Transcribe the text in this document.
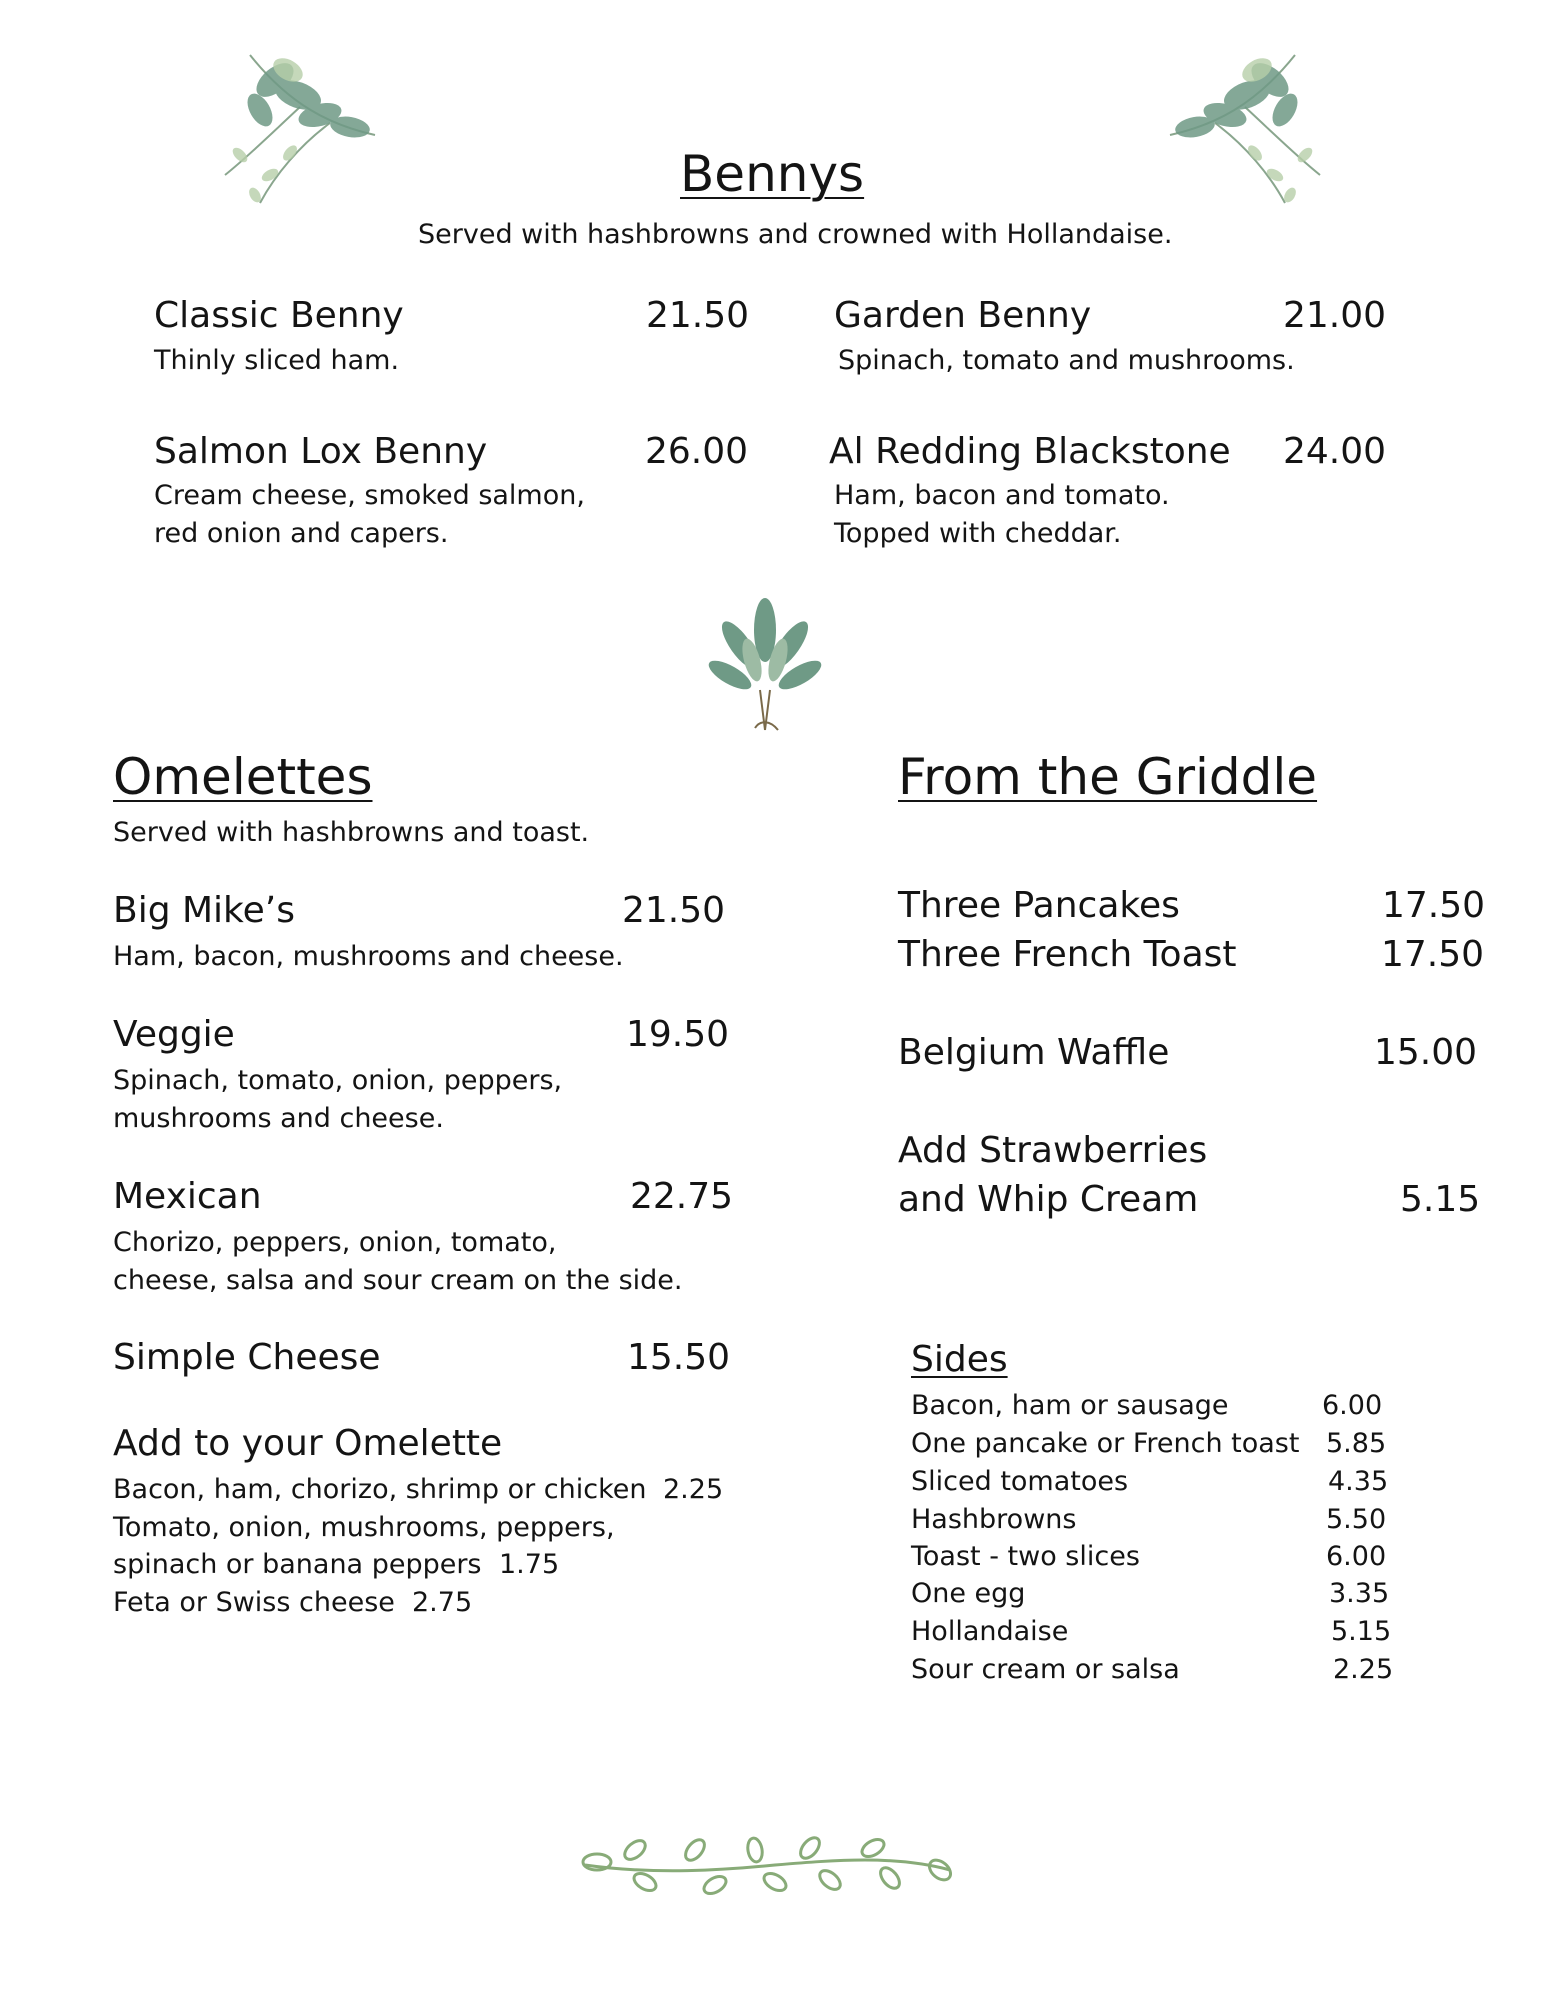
Bennys
Served with hashbrowns and crowned with Hollandaise.
Classic Benny	21.50
Thinly sliced ham.
Garden Benny	21.00
Spinach, tomato and mushrooms.
Salmon Lox Benny	26.00
Cream cheese, smoked salmon,
red onion and capers.
Al Redding Blackstone 24.00
Ham, bacon and tomato.
Topped with cheddar.
Omelettes
Served with hashbrowns and toast.
Big Mike’s	21.50
Ham, bacon, mushrooms and cheese.
Veggie	19.50
Spinach, tomato, onion, peppers,
mushrooms and cheese.
Mexican	22.75
Chorizo, peppers, onion, tomato,
cheese, salsa and sour cream on the side.
Simple Cheese	15.50
Add to your Omelette
Bacon, ham, chorizo, shrimp or chicken 2.25
Tomato, onion, mushrooms, peppers,
spinach or banana peppers 1.75
Feta or Swiss cheese 2.75
From the Griddle
Three Pancakes	17.50
Three French Toast	17.50
Belgium Waffle	15.00
Add Strawberries
and Whip Cream	5.15
Sides
Bacon, ham or sausage	6.00
One pancake or French toast 5.85
Sliced tomatoes	4.35
Hashbrowns	5.50
Toast - two slices	6.00
One egg	3.35
Hollandaise	5.15
Sour cream or salsa	2.25
